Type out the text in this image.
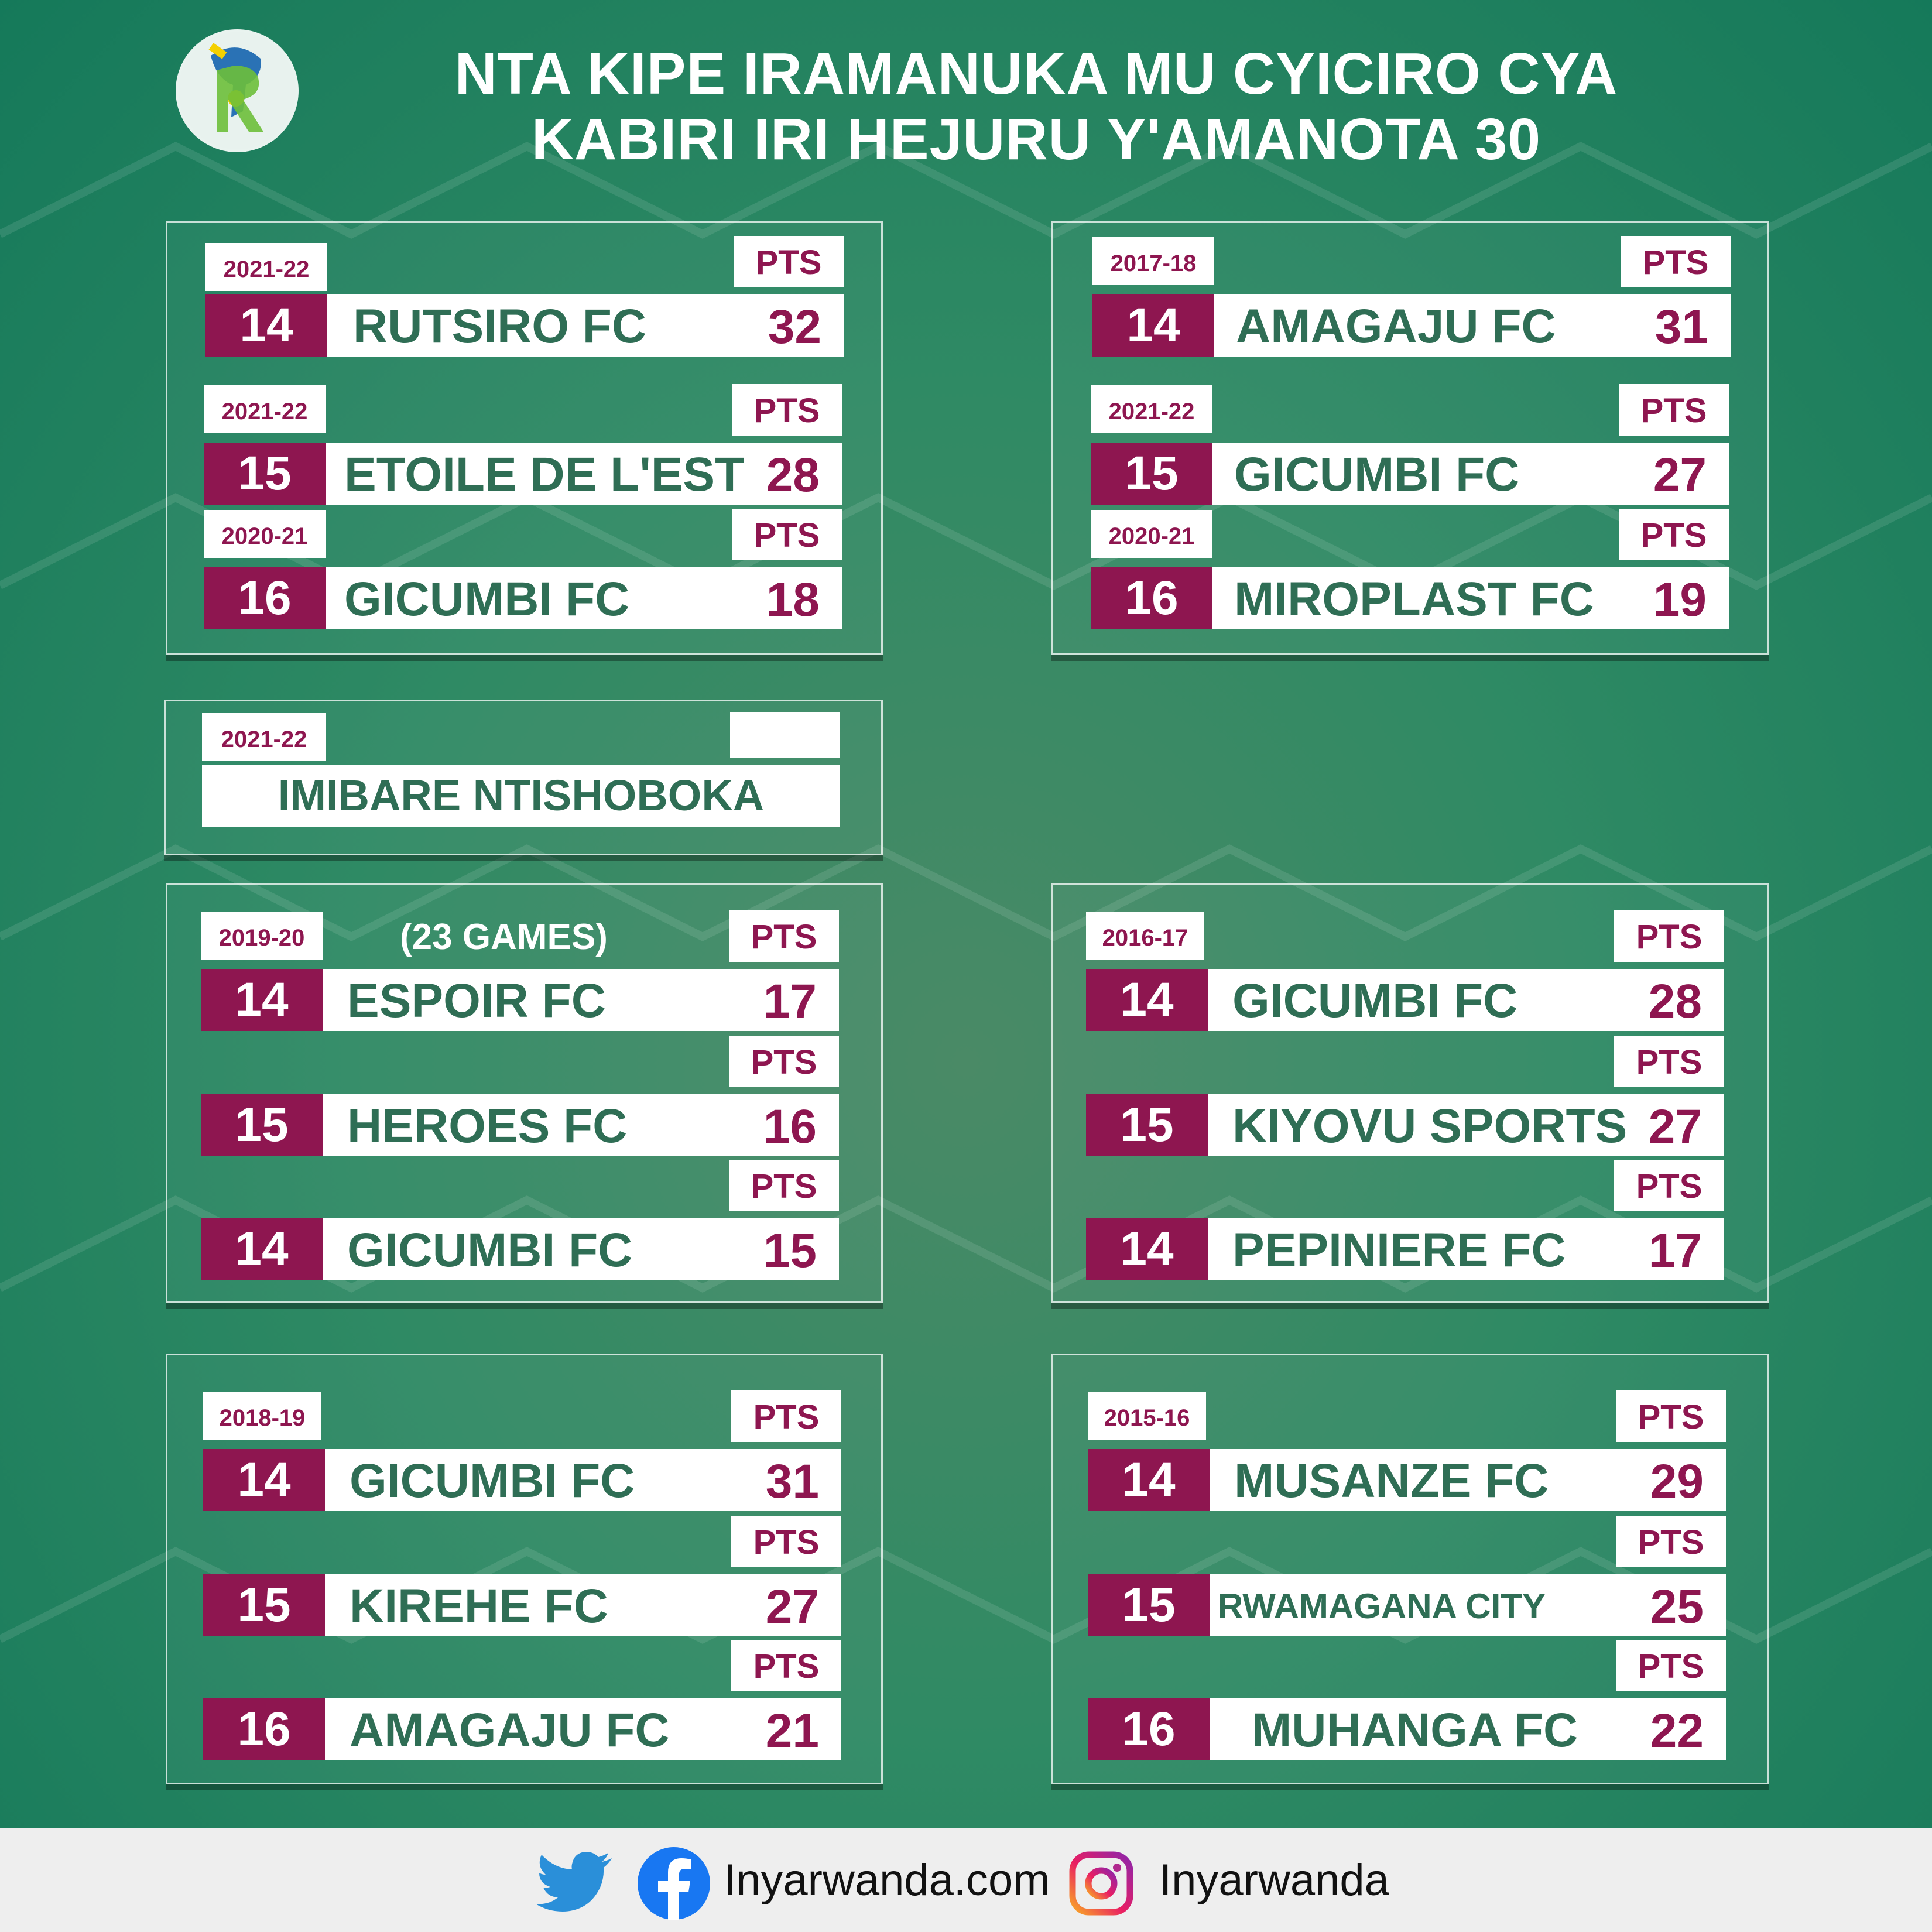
NTA KIPE IRAMANUKA MU CYICIRO CYA
KABIRI IRI HEJURU Y'AMANOTA 30
2021-22	PTS
14	RUTSIRO FC	32
2021-22	PTS
15	ETOILE DE L'EST 28
2020-21	PTS
16	GICUMBI FC	18
2017-18	PTS
14	AMAGAJU FC 31
2021-22	PTS
15	GICUMBI FC	27
2020-21	PTS
16	MIROPLAST FC 19
2021-22
IMIBARE NTISHOBOKA
2019-20	(23 GAMES)	PTS
14	ESPOIR FC	17
PTS
15	HEROES FC	16
PTS
14	GICUMBI FC	15
2016-17	PTS
14	GICUMBI FC	28
PTS
15	KIYOVU SPORTS 27
PTS
14	PEPINIERE FC 17
2018-19	PTS
14	GICUMBI FC	31
PTS
15	KIREHE FC	27
PTS
16	AMAGAJU FC 21
2015-16	PTS
14	MUSANZE FC 29
PTS
15	RWAMAGANA CITY 25
PTS
16	MUHANGA FC 22
Inyarwanda.com Inyarwanda
